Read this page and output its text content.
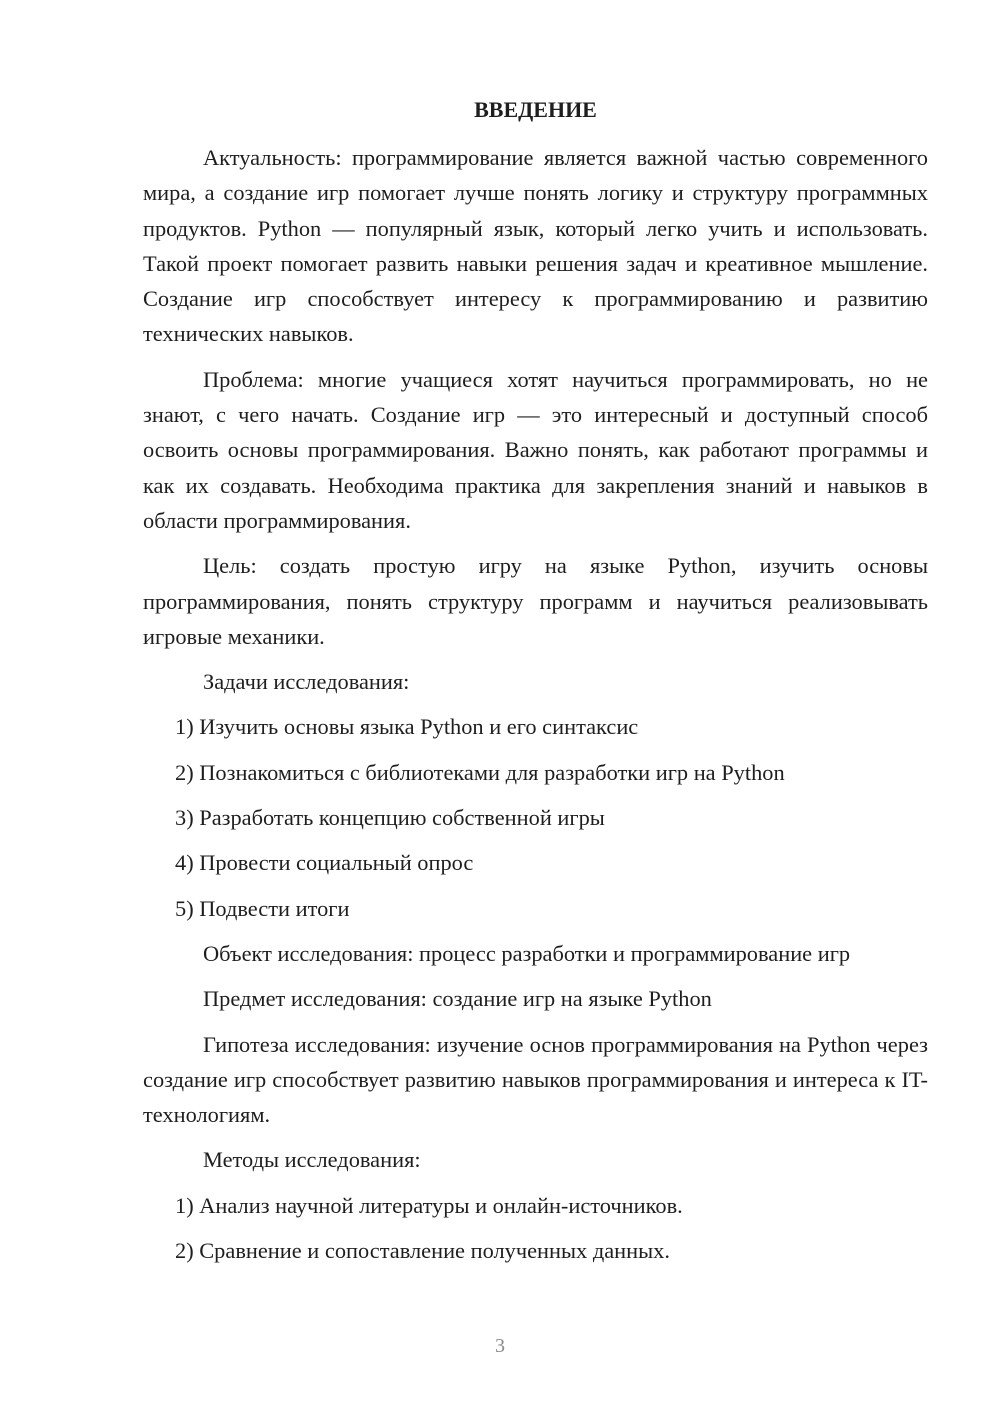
ВВЕДЕНИЕ

Актуальность: программирование является важной частью современного мира, а создание игр помогает лучше понять логику и структуру программных продуктов. Python — популярный язык, который легко учить и использовать. Такой проект помогает развить навыки решения задач и креативное мышление. Создание игр способствует интересу к программированию и развитию технических навыков.

Проблема: многие учащиеся хотят научиться программировать, но не знают, с чего начать. Создание игр — это интересный и доступный способ освоить основы программирования. Важно понять, как работают программы и как их создавать. Необходима практика для закрепления знаний и навыков в области программирования.

Цель: создать простую игру на языке Python, изучить основы программирования, понять структуру программ и научиться реализовывать игровые механики.

Задачи исследования:

1) Изучить основы языка Python и его синтаксис
2) Познакомиться с библиотеками для разработки игр на Python
3) Разработать концепцию собственной игры
4) Провести социальный опрос
5) Подвести итоги

Объект исследования: процесс разработки и программирование игр

Предмет исследования: создание игр на языке Python

Гипотеза исследования: изучение основ программирования на Python через создание игр способствует развитию навыков программирования и интереса к IT-технологиям.

Методы исследования:

1) Анализ научной литературы и онлайн-источников.
2) Сравнение и сопоставление полученных данных.
3
